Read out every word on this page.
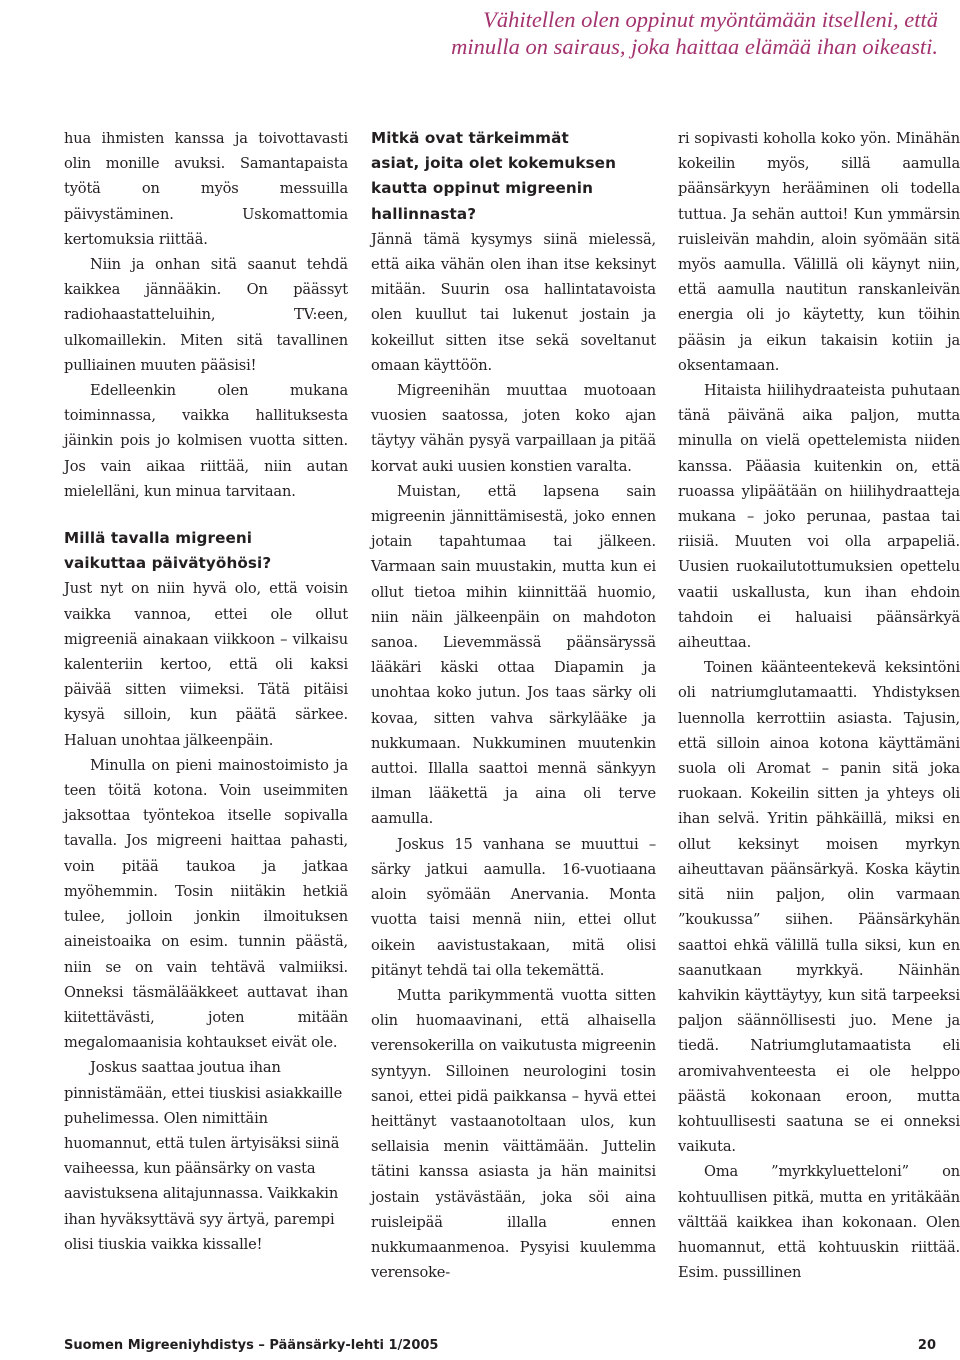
Vähitellen olen oppinut myöntämään itselleni, että

minulla on sairaus, joka haittaa elämää ihan oikeasti.

hua ihmisten kanssa ja toivottavasti olin monille avuksi. Samantapaista työtä on myös messuilla päivystäminen. Uskomattomia kertomuksia riittää.

Niin ja onhan sitä saanut tehdä kaikkea jännääkin. On päässyt radiohaastatteluihin, TV:een, ulkomaillekin. Miten sitä tavallinen pulliainen muuten pääsisi!

Edelleenkin olen mukana toiminnassa, vaikka hallituksesta jäinkin pois jo kolmisen vuotta sitten. Jos vain aikaa riittää, niin autan mielelläni, kun minua tarvitaan.

Millä tavalla migreeni
vaikuttaa päivätyöhösi?

Just nyt on niin hyvä olo, että voisin vaikka vannoa, ettei ole ollut migreeniä ainakaan viikkoon – vilkaisu kalenteriin kertoo, että oli kaksi päivää sitten viimeksi. Tätä pitäisi kysyä silloin, kun päätä särkee. Haluan unohtaa jälkeenpäin.

Minulla on pieni mainostoimisto ja teen töitä kotona. Voin useimmiten jaksottaa työntekoa itselle sopivalla tavalla. Jos migreeni haittaa pahasti, voin pitää taukoa ja jatkaa myöhemmin. Tosin niitäkin hetkiä tulee, jolloin jonkin ilmoituksen aineistoaika on esim. tunnin päästä, niin se on vain tehtävä valmiiksi. Onneksi täsmälääkkeet auttavat ihan kiitettävästi, joten mitään megalomaanisia kohtaukset eivät ole.

Joskus saattaa joutua ihan pinnistämään, ettei tiuskisi asiakkaille puhelimessa. Olen nimittäin huomannut, että tulen ärtyisäksi siinä vaiheessa, kun päänsärky on vasta aavistuksena alitajunnassa. Vaikkakin ihan hyväksyttävä syy ärtyä, parempi olisi tiuskia vaikka kissalle!

Mitkä ovat tärkeimmät
asiat, joita olet kokemuksen
kautta oppinut migreenin
hallinnasta?

Jännä tämä kysymys siinä mielessä, että aika vähän olen ihan itse keksinyt mitään. Suurin osa hallintatavoista olen kuullut tai lukenut jostain ja kokeillut sitten itse sekä soveltanut omaan käyttöön.

Migreenihän muuttaa muotoaan vuosien saatossa, joten koko ajan täytyy vähän pysyä varpaillaan ja pitää korvat auki uusien konstien varalta.

Muistan, että lapsena sain migreenin jännittämisestä, joko ennen jotain tapahtumaa tai jälkeen. Varmaan sain muustakin, mutta kun ei ollut tietoa mihin kiinnittää huomio, niin näin jälkeenpäin on mahdoton sanoa. Lievemmässä päänsäryssä lääkäri käski ottaa Diapamin ja unohtaa koko jutun. Jos taas särky oli kovaa, sitten vahva särkylääke ja nukkumaan. Nukkuminen muutenkin auttoi. Illalla saattoi mennä sänkyyn ilman lääkettä ja aina oli terve aamulla.

Joskus 15 vanhana se muuttui – särky jatkui aamulla. 16-vuotiaana aloin syömään Anervania. Monta vuotta taisi mennä niin, ettei ollut oikein aavistustakaan, mitä olisi pitänyt tehdä tai olla tekemättä.

Mutta parikymmentä vuotta sitten olin huomaavinani, että alhaisella verensokerilla on vaikutusta migreenin syntyyn. Silloinen neurologini tosin sanoi, ettei pidä paikkansa – hyvä ettei heittänyt vastaanotoltaan ulos, kun sellaisia menin väittämään. Juttelin tätini kanssa asiasta ja hän mainitsi jostain ystävästään, joka söi aina ruisleipää illalla ennen nukkumaanmenoa. Pysyisi kuulemma verensoke-

ri sopivasti koholla koko yön. Minähän kokeilin myös, sillä aamulla päänsärkyyn herääminen oli todella tuttua. Ja sehän auttoi! Kun ymmärsin ruisleivän mahdin, aloin syömään sitä myös aamulla. Välillä oli käynyt niin, että aamulla nautitun ranskanleivän energia oli jo käytetty, kun töihin pääsin ja eikun takaisin kotiin ja oksentamaan.

Hitaista hiilihydraateista puhutaan tänä päivänä aika paljon, mutta minulla on vielä opettelemista niiden kanssa. Pääasia kuitenkin on, että ruoassa ylipäätään on hiilihydraatteja mukana – joko perunaa, pastaa tai riisiä. Muuten voi olla arpapeliä. Uusien ruokailutottumuksien opettelu vaatii uskallusta, kun ihan ehdoin tahdoin ei haluaisi päänsärkyä aiheuttaa.

Toinen käänteentekevä keksintöni oli natriumglutamaatti. Yhdistyksen luennolla kerrottiin asiasta. Tajusin, että silloin ainoa kotona käyttämäni suola oli Aromat – panin sitä joka ruokaan. Kokeilin sitten ja yhteys oli ihan selvä. Yritin pähkäillä, miksi en ollut keksinyt moisen myrkyn aiheuttavan päänsärkyä. Koska käytin sitä niin paljon, olin varmaan ”koukussa” siihen. Päänsärkyhän saattoi ehkä välillä tulla siksi, kun en saanutkaan myrkkyä. Näinhän kahvikin käyttäytyy, kun sitä tarpeeksi paljon säännöllisesti juo. Mene ja tiedä. Natriumglutamaatista eli aromivahventeesta ei ole helppo päästä kokonaan eroon, mutta kohtuullisesti saatuna se ei onneksi vaikuta.

Oma ”myrkkyluetteloni” on kohtuullisen pitkä, mutta en yritäkään välttää kaikkea ihan kokonaan. Olen huomannut, että kohtuuskin riittää. Esim. pussillinen

Suomen Migreeniyhdistys – Päänsärky-lehti 1/2005	20
